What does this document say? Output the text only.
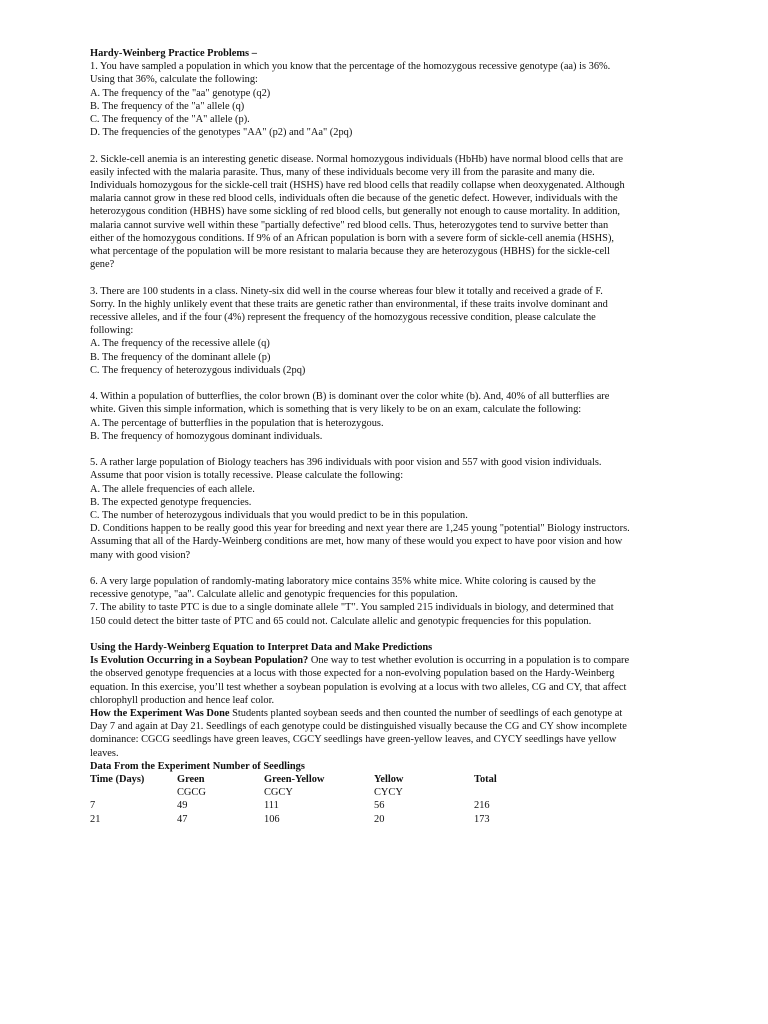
Hardy-Weinberg Practice Problems –
1. You have sampled a population in which you know that the percentage of the homozygous recessive genotype (aa) is 36%.
Using that 36%, calculate the following:
A. The frequency of the "aa" genotype (q2)
B. The frequency of the "a" allele (q)
C. The frequency of the "A" allele (p).
D. The frequencies of the genotypes "AA" (p2) and "Aa" (2pq)

2. Sickle-cell anemia is an interesting genetic disease. Normal homozygous individuals (HbHb) have normal blood cells that are
easily infected with the malaria parasite. Thus, many of these individuals become very ill from the parasite and many die.
Individuals homozygous for the sickle-cell trait (HSHS) have red blood cells that readily collapse when deoxygenated. Although
malaria cannot grow in these red blood cells, individuals often die because of the genetic defect. However, individuals with the
heterozygous condition (HBHS) have some sickling of red blood cells, but generally not enough to cause mortality. In addition,
malaria cannot survive well within these "partially defective" red blood cells. Thus, heterozygotes tend to survive better than
either of the homozygous conditions. If 9% of an African population is born with a severe form of sickle-cell anemia (HSHS),
what percentage of the population will be more resistant to malaria because they are heterozygous (HBHS) for the sickle-cell
gene?

3. There are 100 students in a class. Ninety-six did well in the course whereas four blew it totally and received a grade of F.
Sorry. In the highly unlikely event that these traits are genetic rather than environmental, if these traits involve dominant and
recessive alleles, and if the four (4%) represent the frequency of the homozygous recessive condition, please calculate the
following:
A. The frequency of the recessive allele (q)
B. The frequency of the dominant allele (p)
C. The frequency of heterozygous individuals (2pq)

4. Within a population of butterflies, the color brown (B) is dominant over the color white (b). And, 40% of all butterflies are
white. Given this simple information, which is something that is very likely to be on an exam, calculate the following:
A. The percentage of butterflies in the population that is heterozygous.
B. The frequency of homozygous dominant individuals.

5. A rather large population of Biology teachers has 396 individuals with poor vision and 557 with good vision individuals.
Assume that poor vision is totally recessive. Please calculate the following:
A. The allele frequencies of each allele.
B. The expected genotype frequencies.
C. The number of heterozygous individuals that you would predict to be in this population.
D. Conditions happen to be really good this year for breeding and next year there are 1,245 young "potential" Biology instructors.
Assuming that all of the Hardy-Weinberg conditions are met, how many of these would you expect to have poor vision and how
many with good vision?

6. A very large population of randomly-mating laboratory mice contains 35% white mice. White coloring is caused by the
recessive genotype, "aa". Calculate allelic and genotypic frequencies for this population.
7. The ability to taste PTC is due to a single dominate allele "T". You sampled 215 individuals in biology, and determined that
150 could detect the bitter taste of PTC and 65 could not. Calculate allelic and genotypic frequencies for this population.

Using the Hardy-Weinberg Equation to Interpret Data and Make Predictions
Is Evolution Occurring in a Soybean Population? One way to test whether evolution is occurring in a population is to compare
the observed genotype frequencies at a locus with those expected for a non-evolving population based on the Hardy-Weinberg
equation. In this exercise, you’ll test whether a soybean population is evolving at a locus with two alleles, CG and CY, that affect
chlorophyll production and hence leaf color.
How the Experiment Was Done Students planted soybean seeds and then counted the number of seedlings of each genotype at
Day 7 and again at Day 21. Seedlings of each genotype could be distinguished visually because the CG and CY show incomplete
dominance: CGCG seedlings have green leaves, CGCY seedlings have green-yellow leaves, and CYCY seedlings have yellow
leaves.
Data From the Experiment Number of Seedlings

Time (Days)	Green	Green-Yellow	Yellow	Total
	CGCG	CGCY	CYCY	
7	49	111	56	216
21	47	106	20	173
